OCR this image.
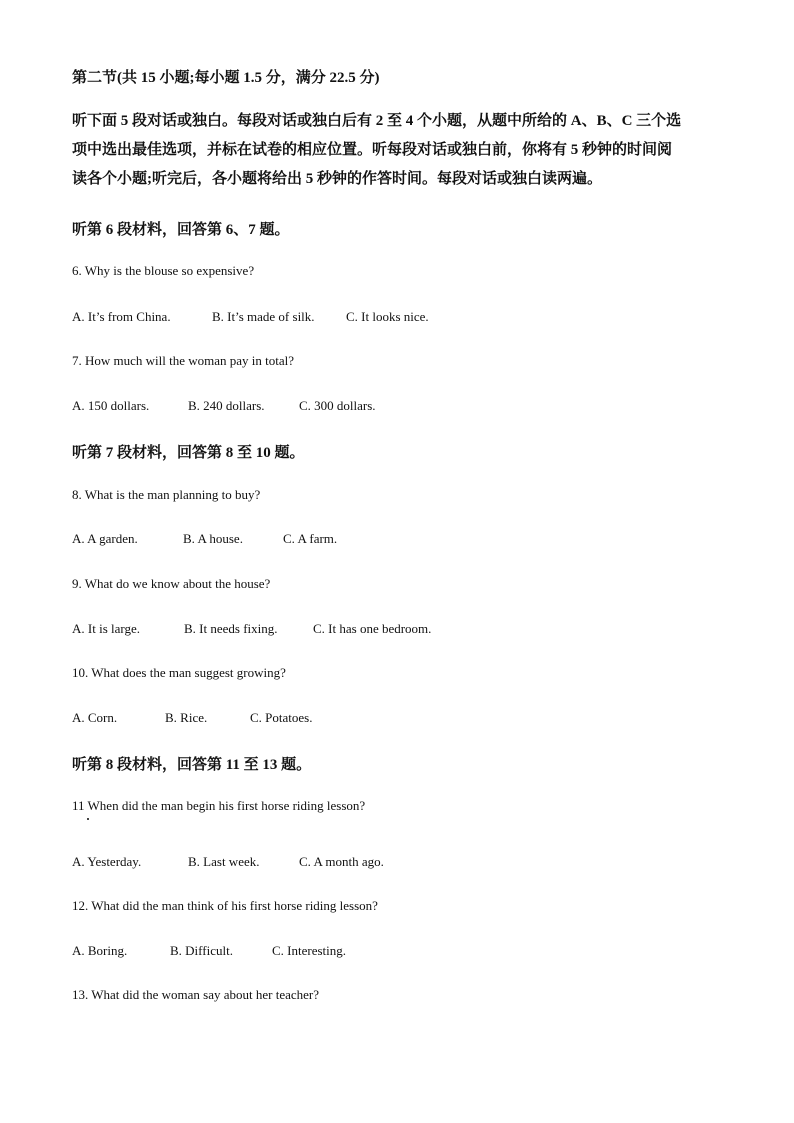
第二节(共 15 小题;每小题 1.5 分，满分 22.5 分)
听下面 5 段对话或独白。每段对话或独白后有 2 至 4 个小题，从题中所给的 A、B、C 三个选
项中选出最佳选项，并标在试卷的相应位置。听每段对话或独白前，你将有 5 秒钟的时间阅
读各个小题;听完后，各小题将给出 5 秒钟的作答时间。每段对话或独白读两遍。
听第 6 段材料，回答第 6、7 题。
6. Why is the blouse so expensive?
A. It’s from China.	B. It’s made of silk. C. It looks nice.
7. How much will the woman pay in total?
A. 150 dollars.	B. 240 dollars.	C. 300 dollars.
听第 7 段材料，回答第 8 至 10 题。
8. What is the man planning to buy?
A. A garden.	B. A house.	C. A farm.
9. What do we know about the house?
A. It is large.	B. It needs fixing.	C. It has one bedroom.
10. What does the man suggest growing?
A. Corn.	B. Rice.	C. Potatoes.
听第 8 段材料，回答第 11 至 13 题。
11 When did the man begin his first horse riding lesson?
A. Yesterday.	B. Last week.	C. A month ago.
12. What did the man think of his first horse riding lesson?
A. Boring.	B. Difficult.	C. Interesting.
13. What did the woman say about her teacher?
